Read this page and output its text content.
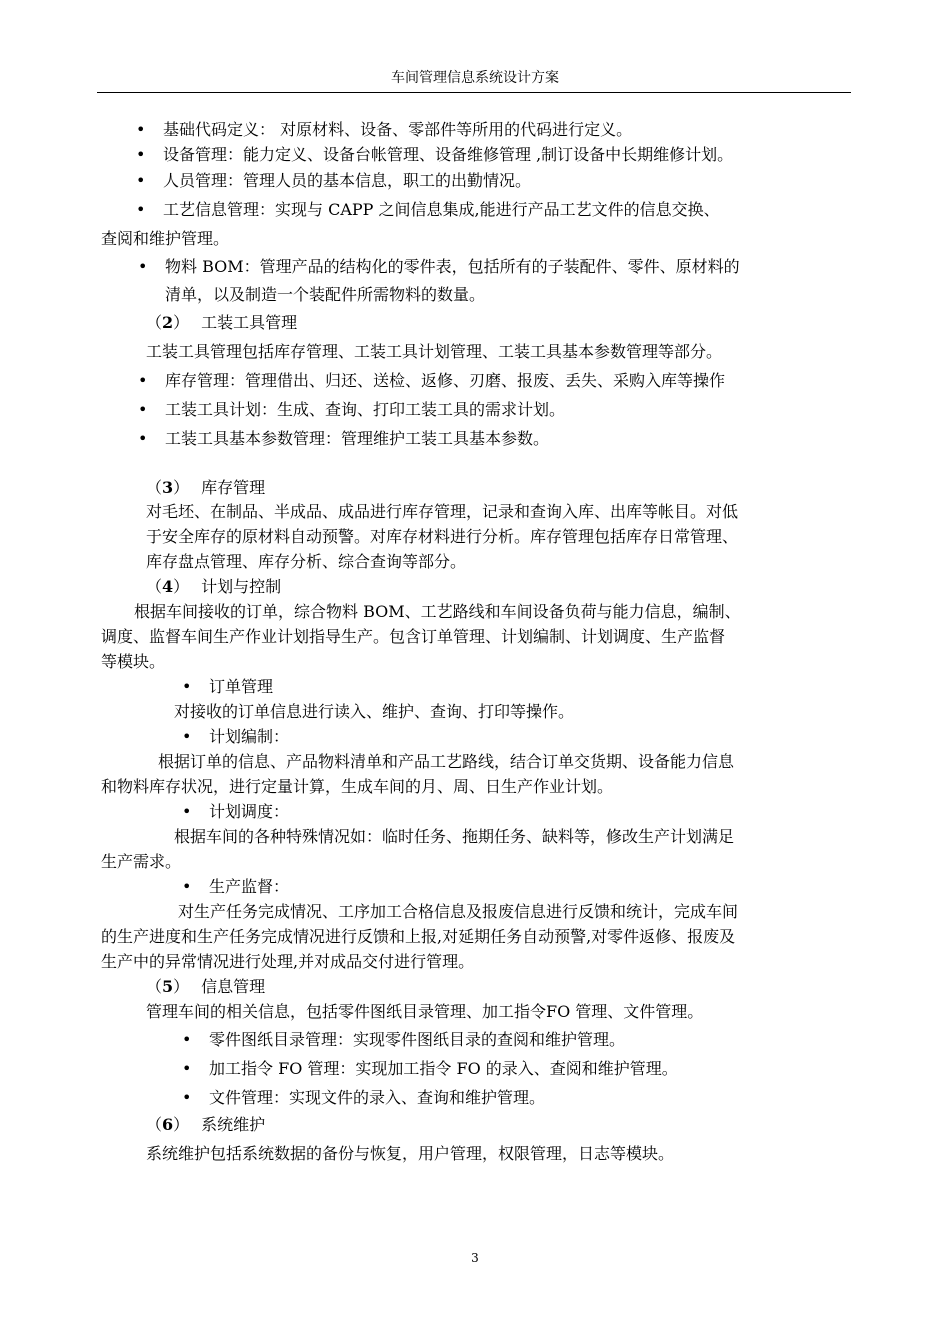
车间管理信息系统设计方案
• 基础代码定义： 对原材料、设备、零部件等所用的代码进行定义。
• 设备管理：能力定义、设备台帐管理、设备维修管理 ,制订设备中长期维修计划。
• 人员管理：管理人员的基本信息，职工的出勤情况。
• 工艺信息管理：实现与 CAPP 之间信息集成,能进行产品工艺文件的信息交换、
查阅和维护管理。
• 物料 BOM：管理产品的结构化的零件表，包括所有的子装配件、零件、原材料的
清单，以及制造一个装配件所需物料的数量。
（2） 工装工具管理
工装工具管理包括库存管理、工装工具计划管理、工装工具基本参数管理等部分。
• 库存管理：管理借出、归还、送检、返修、刃磨、报废、丢失、采购入库等操作
• 工装工具计划：生成、查询、打印工装工具的需求计划。
• 工装工具基本参数管理：管理维护工装工具基本参数。
（3） 库存管理
对毛坯、在制品、半成品、成品进行库存管理，记录和查询入库、出库等帐目。对低
于安全库存的原材料自动预警。对库存材料进行分析。库存管理包括库存日常管理、
库存盘点管理、库存分析、综合查询等部分。
（4） 计划与控制
根据车间接收的订单，综合物料 BOM、工艺路线和车间设备负荷与能力信息，编制、
调度、监督车间生产作业计划指导生产。包含订单管理、计划编制、计划调度、生产监督
等模块。
• 订单管理
对接收的订单信息进行读入、维护、查询、打印等操作。
• 计划编制：
根据订单的信息、产品物料清单和产品工艺路线，结合订单交货期、设备能力信息
和物料库存状况，进行定量计算，生成车间的月、周、日生产作业计划。
• 计划调度：
根据车间的各种特殊情况如：临时任务、拖期任务、缺料等，修改生产计划满足
生产需求。
• 生产监督：
对生产任务完成情况、工序加工合格信息及报废信息进行反馈和统计，完成车间
的生产进度和生产任务完成情况进行反馈和上报,对延期任务自动预警,对零件返修、报废及
生产中的异常情况进行处理,并对成品交付进行管理。
（5） 信息管理
管理车间的相关信息，包括零件图纸目录管理、加工指令FO 管理、文件管理。
• 零件图纸目录管理：实现零件图纸目录的查阅和维护管理。
• 加工指令 FO 管理：实现加工指令 FO 的录入、查阅和维护管理。
• 文件管理：实现文件的录入、查询和维护管理。
（6） 系统维护
系统维护包括系统数据的备份与恢复，用户管理，权限管理，日志等模块。
3
